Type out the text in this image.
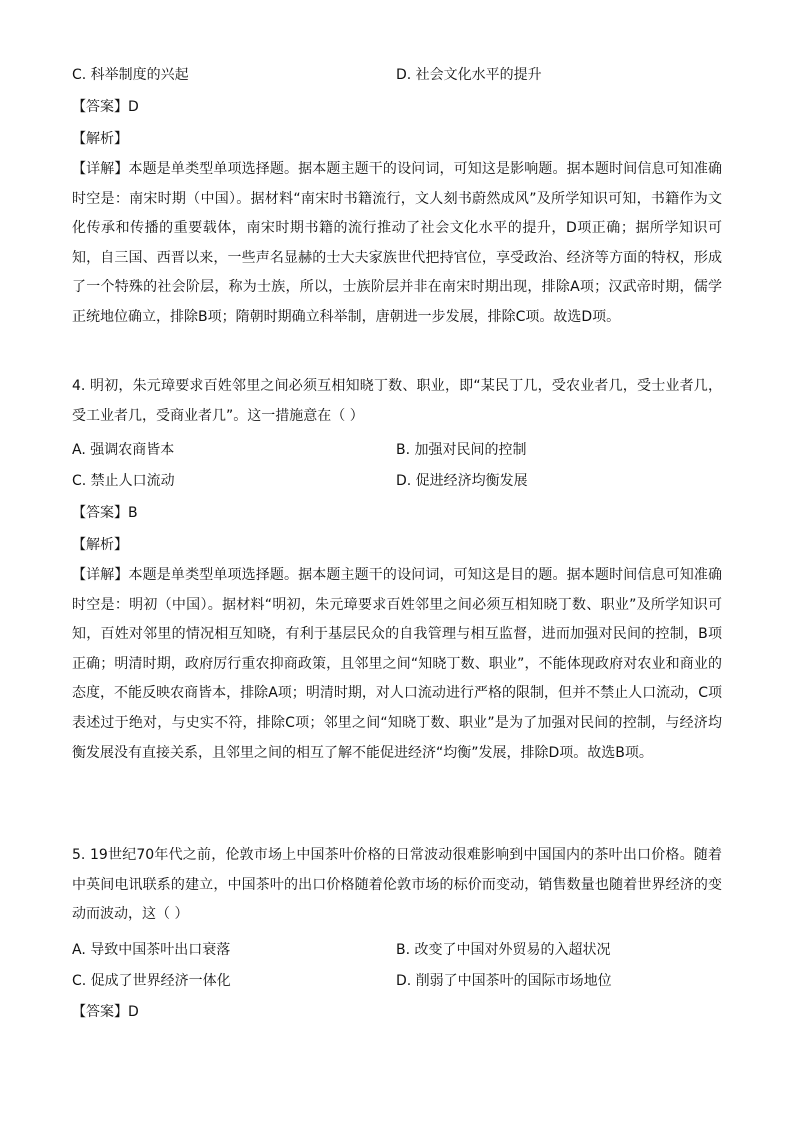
C. 科举制度的兴起	D. 社会文化水平的提升
【答案】D
【解析】
【详解】本题是单类型单项选择题。据本题主题干的设问词，可知这是影响题。据本题时间信息可知准确时空是：南宋时期（中国）。据材料“南宋时书籍流行，文人刻书蔚然成风”及所学知识可知，书籍作为文化传承和传播的重要载体，南宋时期书籍的流行推动了社会文化水平的提升，D项正确；据所学知识可知，自三国、西晋以来，一些声名显赫的士大夫家族世代把持官位，享受政治、经济等方面的特权，形成了一个特殊的社会阶层，称为士族，所以，士族阶层并非在南宋时期出现，排除A项；汉武帝时期，儒学正统地位确立，排除B项；隋朝时期确立科举制，唐朝进一步发展，排除C项。故选D项。
4. 明初，朱元璋要求百姓邻里之间必须互相知晓丁数、职业，即“某民丁几，受农业者几，受士业者几，受工业者几，受商业者几”。这一措施意在（ ）
A. 强调农商皆本	B. 加强对民间的控制
C. 禁止人口流动	D. 促进经济均衡发展
【答案】B
【解析】
【详解】本题是单类型单项选择题。据本题主题干的设问词，可知这是目的题。据本题时间信息可知准确时空是：明初（中国）。据材料“明初，朱元璋要求百姓邻里之间必须互相知晓丁数、职业”及所学知识可知，百姓对邻里的情况相互知晓，有利于基层民众的自我管理与相互监督，进而加强对民间的控制，B项正确；明清时期，政府厉行重农抑商政策，且邻里之间“知晓丁数、职业”，不能体现政府对农业和商业的态度，不能反映农商皆本，排除A项；明清时期，对人口流动进行严格的限制，但并不禁止人口流动，C项表述过于绝对，与史实不符，排除C项；邻里之间“知晓丁数、职业”是为了加强对民间的控制，与经济均衡发展没有直接关系，且邻里之间的相互了解不能促进经济“均衡”发展，排除D项。故选B项。
5. 19世纪70年代之前，伦敦市场上中国茶叶价格的日常波动很难影响到中国国内的茶叶出口价格。随着中英间电讯联系的建立，中国茶叶的出口价格随着伦敦市场的标价而变动，销售数量也随着世界经济的变动而波动，这（ ）
A. 导致中国茶叶出口衰落	B. 改变了中国对外贸易的入超状况
C. 促成了世界经济一体化	D. 削弱了中国茶叶的国际市场地位
【答案】D
